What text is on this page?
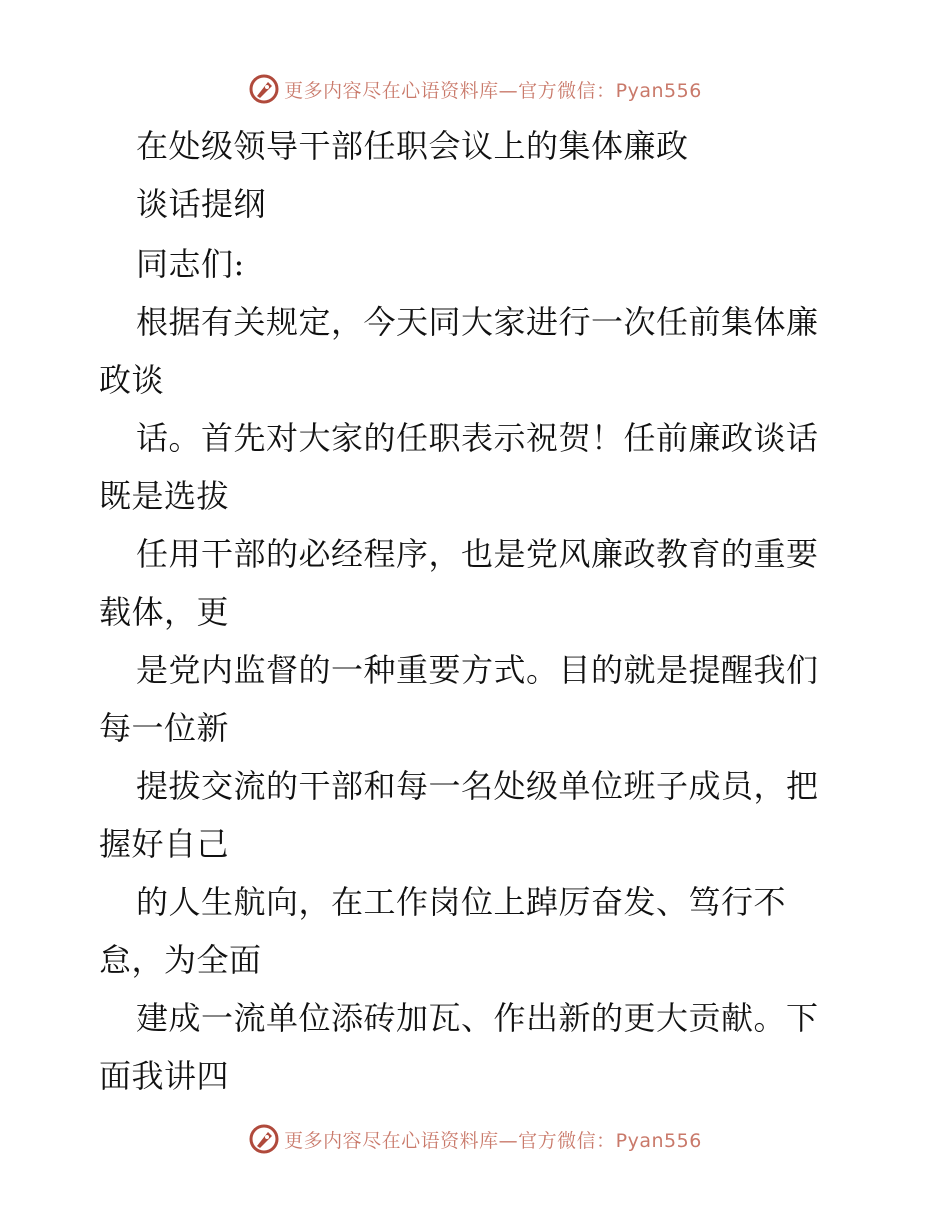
更多内容尽在心语资料库—官方微信：Pyan556
在处级领导干部任职会议上的集体廉政
谈话提纲
同志们:
根据有关规定，今天同大家进行一次任前集体廉
政谈
话。首先对大家的任职表示祝贺！任前廉政谈话
既是选拔
任用干部的必经程序，也是党风廉政教育的重要
载体，更
是党内监督的一种重要方式。目的就是提醒我们
每一位新
提拔交流的干部和每一名处级单位班子成员，把
握好自己
的人生航向，在工作岗位上踔厉奋发、笃行不
怠，为全面
建成一流单位添砖加瓦、作出新的更大贡献。下
面我讲四
更多内容尽在心语资料库—官方微信：Pyan556
